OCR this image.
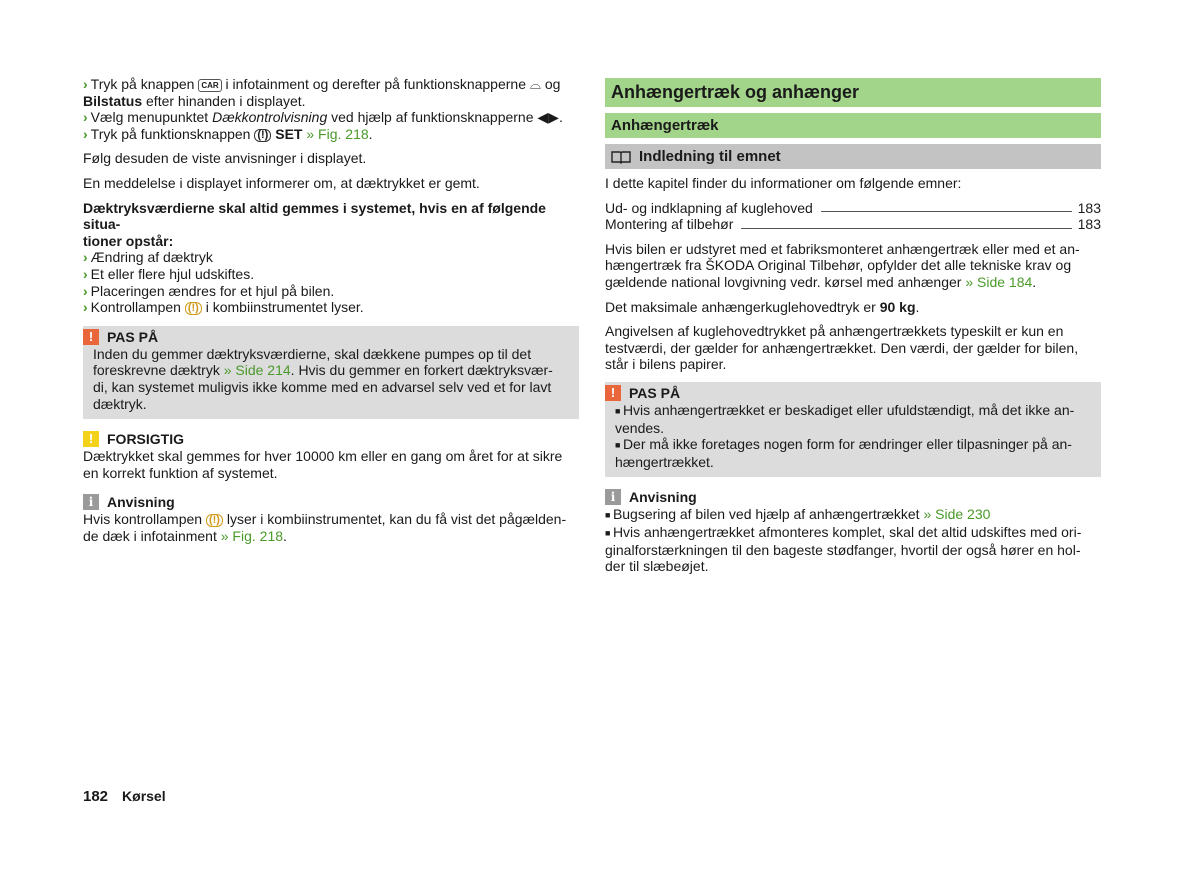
› Tryk på knappen CAR i infotainment og derefter på funktionsknapperne ⌓ og Bilstatus efter hinanden i displayet.

› Vælg menupunktet Dækkontrolvisning ved hjælp af funktionsknapperne ◀▶.

› Tryk på funktionsknappen (!) SET » Fig. 218.

Følg desuden de viste anvisninger i displayet.

En meddelelse i displayet informerer om, at dæktrykket er gemt.

Dæktryksværdierne skal altid gemmes i systemet, hvis en af følgende situa-

tioner opstår:

› Ændring af dæktryk

› Et eller flere hjul udskiftes.

› Placeringen ændres for et hjul på bilen.

› Kontrollampen (!) i kombiinstrumentet lyser.

! PAS PÅ

Inden du gemmer dæktryksværdierne, skal dækkene pumpes op til det

foreskrevne dæktryk » Side 214. Hvis du gemmer en forkert dæktryksvær-

di, kan systemet muligvis ikke komme med en advarsel selv ved et for lavt

dæktryk.

! FORSIGTIG

Dæktrykket skal gemmes for hver 10000 km eller en gang om året for at sikre

en korrekt funktion af systemet.

i Anvisning

Hvis kontrollampen (!) lyser i kombiinstrumentet, kan du få vist det pågælden-

de dæk i infotainment » Fig. 218.

Anhængertræk og anhænger
Anhængertræk
Indledning til emnet

I dette kapitel finder du informationer om følgende emner:

Ud- og indklapning af kuglehoved	183
Montering af tilbehør	183

Hvis bilen er udstyret med et fabriksmonteret anhængertræk eller med et an-

hængertræk fra ŠKODA Original Tilbehør, opfylder det alle tekniske krav og

gældende national lovgivning vedr. kørsel med anhænger » Side 184.

Det maksimale anhængerkuglehovedtryk er 90 kg.

Angivelsen af kuglehovedtrykket på anhængertrækkets typeskilt er kun en

testværdi, der gælder for anhængertrækket. Den værdi, der gælder for bilen,

står i bilens papirer.

! PAS PÅ

■ Hvis anhængertrækket er beskadiget eller ufuldstændigt, må det ikke an-

vendes.

■ Der må ikke foretages nogen form for ændringer eller tilpasninger på an-

hængertrækket.

i Anvisning

■ Bugsering af bilen ved hjælp af anhængertrækket » Side 230

■ Hvis anhængertrækket afmonteres komplet, skal det altid udskiftes med ori-

ginalforstærkningen til den bageste stødfanger, hvortil der også hører en hol-

der til slæbeøjet.

182 Kørsel
